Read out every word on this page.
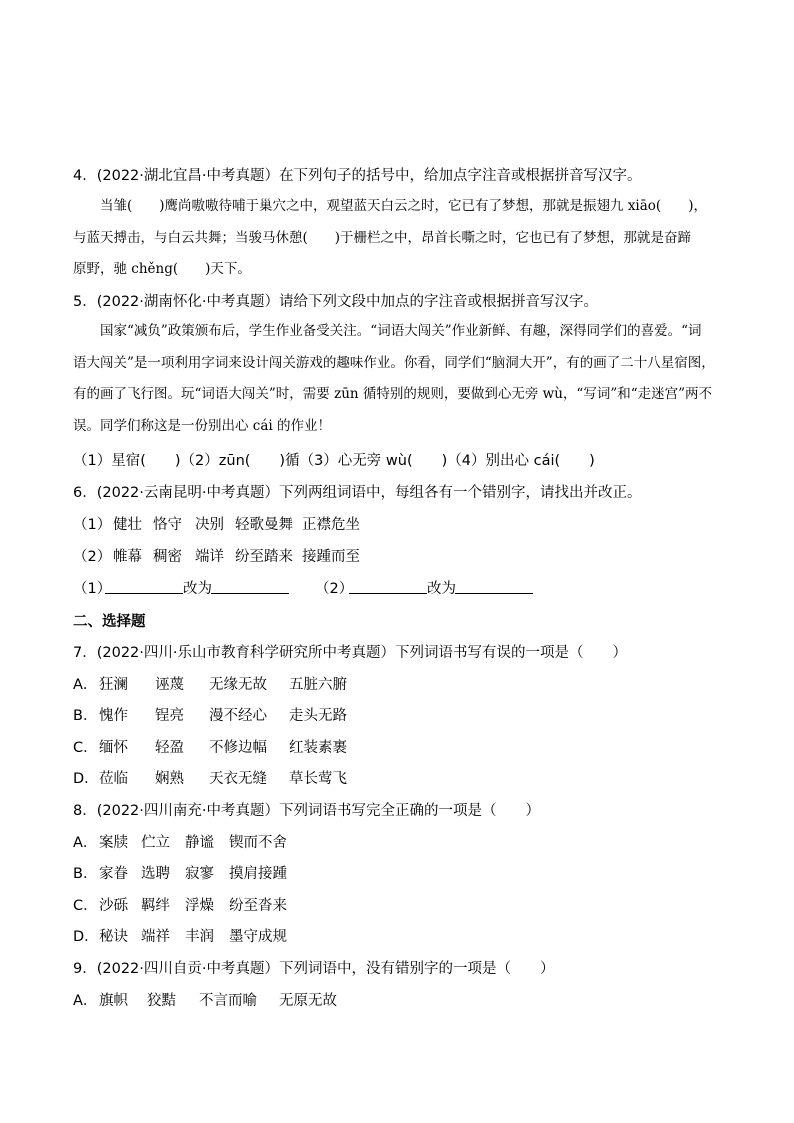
4．(2022·湖北宜昌·中考真题）在下列句子的括号中，给加点字注音或根据拼音写汉字。
当雏(　　)鹰尚嗷嗷待哺于巢穴之中，观望蓝天白云之时，它已有了梦想，那就是振翅九 xiāo(　　)，
与蓝天搏击，与白云共舞；当骏马休憩(　　)于栅栏之中，昂首长嘶之时，它也已有了梦想，那就是奋蹄
原野，驰 chěng(　　)天下。
5．(2022·湖南怀化·中考真题）请给下列文段中加点的字注音或根据拼音写汉字。
国家“减负”政策颁布后，学生作业备受关注。“词语大闯关”作业新鲜、有趣，深得同学们的喜爱。“词
语大闯关”是一项利用字词来设计闯关游戏的趣味作业。你看，同学们“脑洞大开”，有的画了二十八星宿图，
有的画了飞行图。玩“词语大闯关”时，需要 zūn 循特别的规则，要做到心无旁 wù，“写词”和“走迷宫”两不
误。同学们称这是一份别出心 cái 的作业！
（1）星宿(　　)（2）zūn(　　)循（3）心无旁 wù(　　)（4）别出心 cái(　　)
6．(2022·云南昆明·中考真题）下列两组词语中，每组各有一个错别字，请找出并改正。
（1） 健壮 恪守 决别 轻歌曼舞 正襟危坐
（2） 帷幕 稠密 端详 纷至踏来 接踵而至
（1）	改为	（2）	改为
二、选择题
7．(2022·四川·乐山市教育科学研究所中考真题）下列词语书写有误的一项是（　　）
A． 狂澜	诬蔑	无缘无故	五脏六腑
B． 愧作	锃亮	漫不经心	走头无路
C． 缅怀	轻盈	不修边幅	红装素裹
D． 莅临	娴熟	天衣无缝	草长莺飞
8．(2022·四川南充·中考真题）下列词语书写完全正确的一项是（　　）
A． 案牍 伫立	静谧	锲而不舍
B． 家眷 选聘	寂寥	摸肩接踵
C． 沙砾 羁绊	浮燥	纷至沓来
D． 秘诀 端祥	丰润	墨守成规
9．(2022·四川自贡·中考真题）下列词语中，没有错别字的一项是（　　）
A． 旗帜	狡黠	不言而喻	无原无故
